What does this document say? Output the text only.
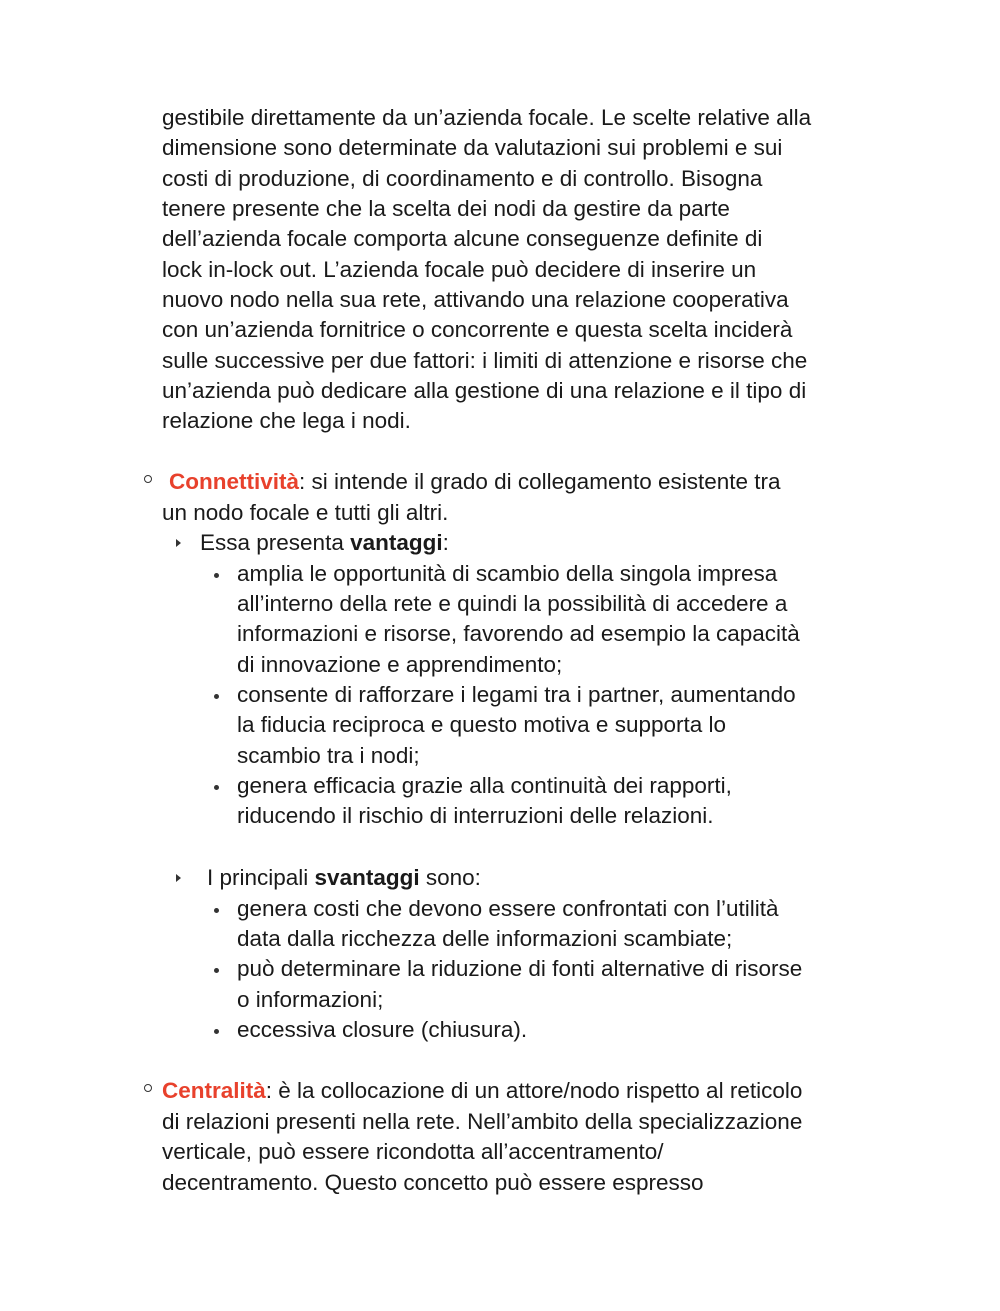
gestibile direttamente da un’azienda focale. Le scelte relative alla
dimensione sono determinate da valutazioni sui problemi e sui
costi di produzione, di coordinamento e di controllo. Bisogna
tenere presente che la scelta dei nodi da gestire da parte
dell’azienda focale comporta alcune conseguenze definite di
lock in-lock out. L’azienda focale può decidere di inserire un
nuovo nodo nella sua rete, attivando una relazione cooperativa
con un’azienda fornitrice o concorrente e questa scelta inciderà
sulle successive per due fattori: i limiti di attenzione e risorse che
un’azienda può dedicare alla gestione di una relazione e il tipo di
relazione che lega i nodi.
Connettività: si intende il grado di collegamento esistente tra
un nodo focale e tutti gli altri.
Essa presenta vantaggi:
amplia le opportunità di scambio della singola impresa
all’interno della rete e quindi la possibilità di accedere a
informazioni e risorse, favorendo ad esempio la capacità
di innovazione e apprendimento;
consente di rafforzare i legami tra i partner, aumentando
la fiducia reciproca e questo motiva e supporta lo
scambio tra i nodi;
genera efficacia grazie alla continuità dei rapporti,
riducendo il rischio di interruzioni delle relazioni.
I principali svantaggi sono:
genera costi che devono essere confrontati con l’utilità
data dalla ricchezza delle informazioni scambiate;
può determinare la riduzione di fonti alternative di risorse
o informazioni;
eccessiva closure (chiusura).
Centralità: è la collocazione di un attore/nodo rispetto al reticolo
di relazioni presenti nella rete. Nell’ambito della specializzazione
verticale, può essere ricondotta all’accentramento/
decentramento. Questo concetto può essere espresso
